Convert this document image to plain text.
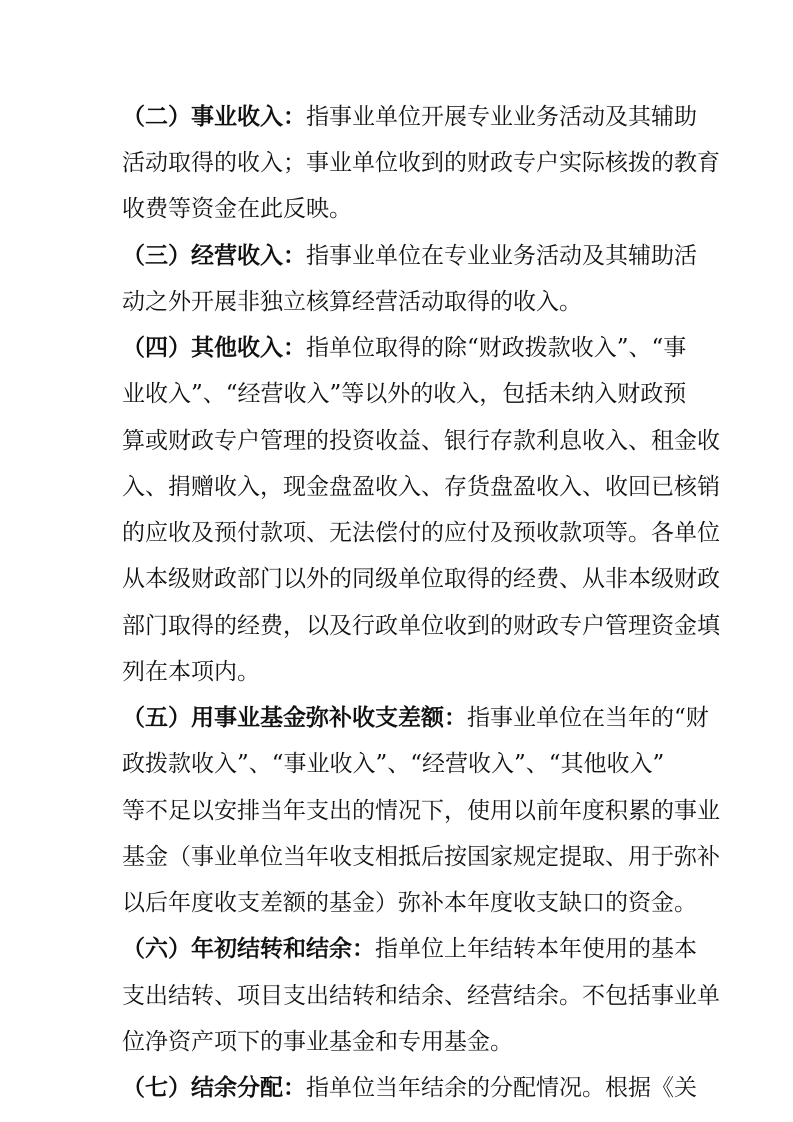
（二）事业收入：指事业单位开展专业业务活动及其辅助
活动取得的收入；事业单位收到的财政专户实际核拨的教育
收费等资金在此反映。
（三）经营收入：指事业单位在专业业务活动及其辅助活
动之外开展非独立核算经营活动取得的收入。
（四）其他收入：指单位取得的除“财政拨款收入”、“事
业收入”、“经营收入”等以外的收入，包括未纳入财政预
算或财政专户管理的投资收益、银行存款利息收入、租金收
入、捐赠收入，现金盘盈收入、存货盘盈收入、收回已核销
的应收及预付款项、无法偿付的应付及预收款项等。各单位
从本级财政部门以外的同级单位取得的经费、从非本级财政
部门取得的经费，以及行政单位收到的财政专户管理资金填
列在本项内。
（五）用事业基金弥补收支差额：指事业单位在当年的“财
政拨款收入”、“事业收入”、“经营收入”、“其他收入”
等不足以安排当年支出的情况下，使用以前年度积累的事业
基金（事业单位当年收支相抵后按国家规定提取、用于弥补
以后年度收支差额的基金）弥补本年度收支缺口的资金。
（六）年初结转和结余：指单位上年结转本年使用的基本
支出结转、项目支出结转和结余、经营结余。不包括事业单
位净资产项下的事业基金和专用基金。
（七）结余分配：指单位当年结余的分配情况。根据《关
